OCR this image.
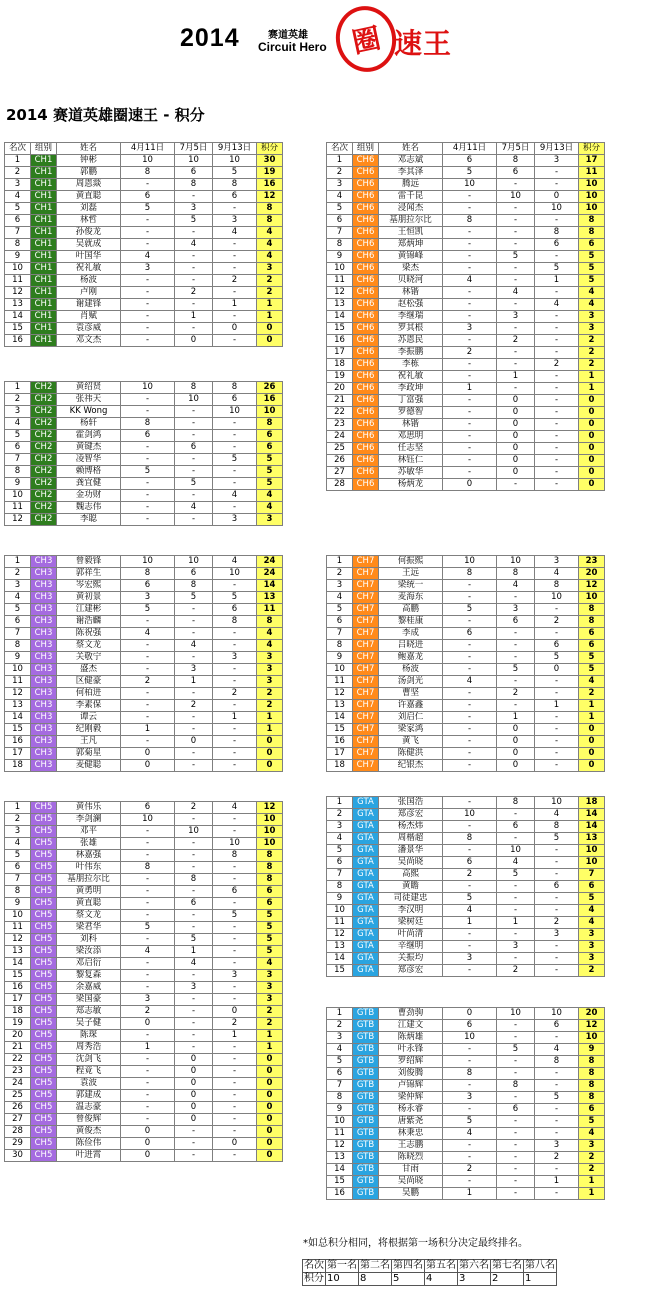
2014	赛道英雄
Circuit Hero 圈 速王
2014 赛道英雄圈速王 - 积分
名次	组别	姓名	4月11日	7月5日	9月13日	积分
1	CH1	钟彬	10	10	10	30
2	CH1	郭鹏	8	6	5	19
3	CH1	周恩燚	-	8	8	16
4	CH1	黄直聪	6	-	6	12
5	CH1	刘磊	5	3	-	8
6	CH1	林哲	-	5	3	8
7	CH1	孙俊龙	-	-	4	4
8	CH1	吴就成	-	4	-	4
9	CH1	叶国华	4	-	-	4
10	CH1	祝礼敏	3	-	-	3
11	CH1	杨波	-	-	2	2
12	CH1	卢刚	-	2	-	2
13	CH1	谢建锋	-	-	1	1
14	CH1	肖赋	-	1	-	1
15	CH1	袁彦威	-	-	0	0
16	CH1	邓文杰	-	0	-	0
1	CH2	黄绍贤	10	8	8	26
2	CH2	张祎天	-	10	6	16
3	CH2	KK Wong	-	-	10	10
4	CH2	杨轩	8	-	-	8
5	CH2	霍剑鸿	6	-	-	6
6	CH2	黄键杰	-	6	-	6
7	CH2	凌智华	-	-	5	5
8	CH2	赖博格	5	-	-	5
9	CH2	龚宜健	-	5	-	5
10	CH2	金功财	-	-	4	4
11	CH2	魏志伟	-	4	-	4
12	CH2	李聪	-	-	3	3
1	CH3	曾毅锋	10	10	4	24
2	CH3	郭祥生	8	6	10	24
3	CH3	岑宏熙	6	8	-	14
4	CH3	黄初景	3	5	5	13
5	CH3	江建彬	5	-	6	11
6	CH3	谢浩麟	-	-	8	8
7	CH3	陈祝强	4	-	-	4
8	CH3	蔡文龙	-	4	-	4
9	CH3	关敬宁	-	-	3	3
10	CH3	盛杰	-	3	-	3
11	CH3	区健豪	2	1	-	3
12	CH3	何柏进	-	-	2	2
13	CH3	李素保	-	2	-	2
14	CH3	谭云	-	-	1	1
15	CH3	纪刚毅	1	-	-	1
16	CH3	王凡	-	0	-	0
17	CH3	郭菊星	0	-	-	0
18	CH3	麦健聪	0	-	-	0
1	CH5	黄伟乐	6	2	4	12
2	CH5	李剑澜	10	-	-	10
3	CH5	邓平	-	10	-	10
4	CH5	张雄	-	-	10	10
5	CH5	林嘉强	-	-	8	8
6	CH5	叶伟东	8	-	-	8
7	CH5	基朋拉尔比	-	8	-	8
8	CH5	黄勇明	-	-	6	6
9	CH5	黄直聪	-	6	-	6
10	CH5	蔡文龙	-	-	5	5
11	CH5	梁君华	5	-	-	5
12	CH5	刘科	-	5	-	5
13	CH5	梁汝添	4	1	-	5
14	CH5	邓启衍	-	4	-	4
15	CH5	黎复森	-	-	3	3
16	CH5	余嘉威	-	3	-	3
17	CH5	梁国豪	3	-	-	3
18	CH5	郑志敏	2	-	0	2
19	CH5	吴子健	0	-	2	2
20	CH5	陈琛	-	-	1	1
21	CH5	周秀浩	1	-	-	1
22	CH5	沈剑飞	-	0	-	0
23	CH5	程竟飞	-	0	-	0
24	CH5	袁波	-	0	-	0
25	CH5	郭建成	-	0	-	0
26	CH5	温志豪	-	0	-	0
27	CH5	曾俊辉	-	0	-	0
28	CH5	黄俊杰	0	-	-	0
29	CH5	陈俭伟	0	-	0	0
30	CH5	叶进霄	0	-	-	0
名次	组别	姓名	4月11日	7月5日	9月13日	积分
1	CH6	邓志斌	6	8	3	17
2	CH6	李其泽	5	6	-	11
3	CH6	腾远	10	-	-	10
4	CH6	雷千昆	-	10	0	10
5	CH6	浸闻杰	-	-	10	10
6	CH6	基朋拉尔比	8	-	-	8
7	CH6	王恒凯	-	-	8	8
8	CH6	郑炳坤	-	-	6	6
9	CH6	黄锦峰	-	5	-	5
10	CH6	梁杰	-	-	5	5
11	CH6	贝晓河	4	-	1	5
12	CH6	林锴	-	4	-	4
13	CH6	赵松强	-	-	4	4
14	CH6	李继瑞	-	3	-	3
15	CH6	罗其根	3	-	-	3
16	CH6	苏恩民	-	2	-	2
17	CH6	李振鹏	2	-	-	2
18	CH6	李栋	-	-	2	2
19	CH6	祝礼敏	-	1	-	1
20	CH6	李政坤	1	-	-	1
21	CH6	丁富强	-	0	-	0
22	CH6	罗德智	-	0	-	0
23	CH6	林锴	-	0	-	0
24	CH6	邓思明	-	0	-	0
25	CH6	任志坚	-	0	-	0
26	CH6	林钰仁	-	0	-	0
27	CH6	苏敏华	-	0	-	0
28	CH6	杨炳龙	0	-	-	0
1	CH7	何振熙	10	10	3	23
2	CH7	王远	8	8	4	20
3	CH7	梁统一	-	4	8	12
4	CH7	麦海东	-	-	10	10
5	CH7	高鹏	5	3	-	8
6	CH7	黎桂康	-	6	2	8
7	CH7	李成	6	-	-	6
8	CH7	吕晓进	-	-	6	6
9	CH7	鲍嘉龙	-	-	5	5
10	CH7	杨波	-	5	0	5
11	CH7	汤剑光	4	-	-	4
12	CH7	曹坚	-	2	-	2
13	CH7	许嘉鑫	-	-	1	1
14	CH7	刘启仁	-	1	-	1
15	CH7	梁家鸿	-	0	-	0
16	CH7	黄飞	-	0	-	0
17	CH7	陈健洪	-	0	-	0
18	CH7	纪银杰	-	0	-	0
1	GTA	张国浩	-	8	10	18
2	GTA	郑彦宏	10	-	4	14
3	GTA	杨杰炜	-	6	8	14
4	GTA	周楷超	8	-	5	13
5	GTA	潘景华	-	10	-	10
6	GTA	吴尚晓	6	4	-	10
7	GTA	高熙	2	5	-	7
8	GTA	黄瞻	-	-	6	6
9	GTA	司徒建忠	5	-	-	5
10	GTA	李汉明	4	-	-	4
11	GTA	梁树廷	1	1	2	4
12	GTA	叶尚清	-	-	3	3
13	GTA	辛继明	-	3	-	3
14	GTA	关振均	3	-	-	3
15	GTA	郑彦宏	-	2	-	2
1	GTB	曹劲驹	0	10	10	20
2	GTB	江建文	6	-	6	12
3	GTB	陈炳雄	10	-	-	10
4	GTB	叶永锋	-	5	4	9
5	GTB	罗绍辉	-	-	8	8
6	GTB	刘俊腾	8	-	-	8
7	GTB	卢锦辉	-	8	-	8
8	GTB	梁仲辉	3	-	5	8
9	GTB	杨永睿	-	6	-	6
10	GTB	唐紫尧	5	-	-	5
11	GTB	林秉忠	4	-	-	4
12	GTB	王志鹏	-	-	3	3
13	GTB	陈晓烈	-	-	2	2
14	GTB	甘雨	2	-	-	2
15	GTB	吴尚晓	-	-	1	1
16	GTB	吴鹏	1	-	-	1
*如总积分相同，将根据第一场积分决定最终排名。
名次	第一名	第二名	第四名	第五名	第六名	第七名	第八名
积分	10	8	5	4	3	2	1
